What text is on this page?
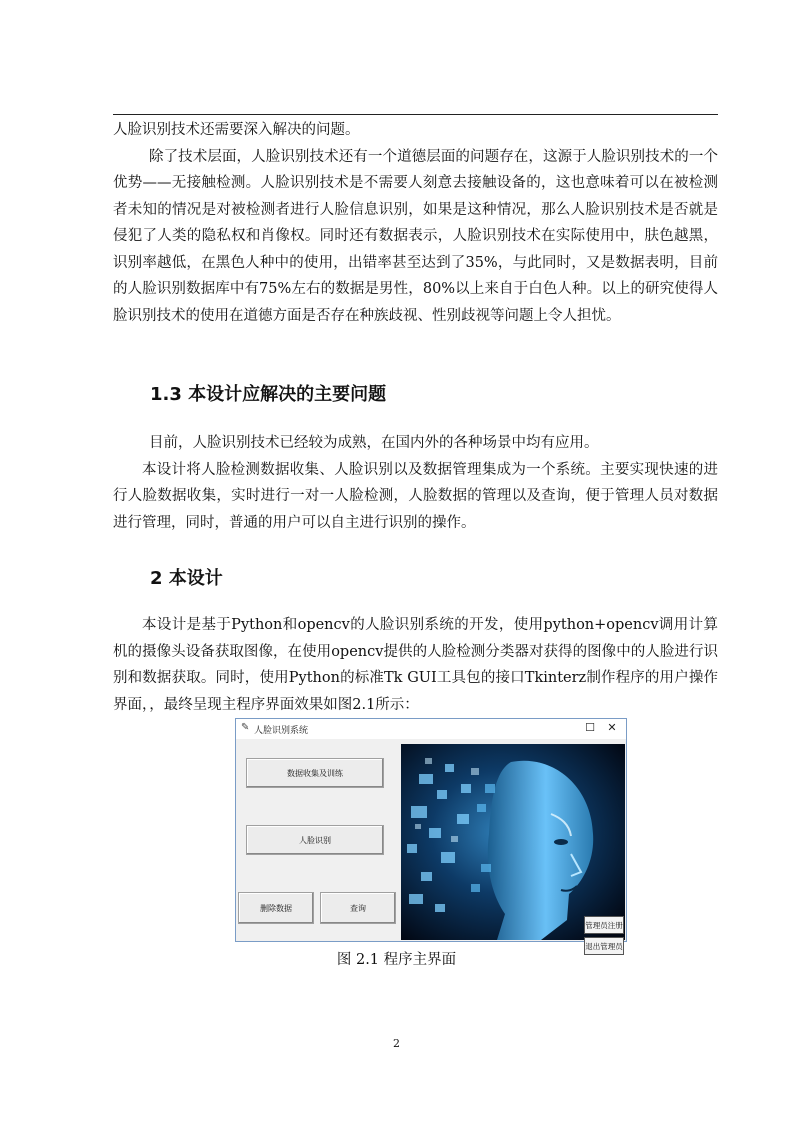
人脸识别技术还需要深入解决的问题。

除了技术层面，人脸识别技术还有一个道德层面的问题存在，这源于人脸识别技术的一个优势——无接触检测。人脸识别技术是不需要人刻意去接触设备的，这也意味着可以在被检测者未知的情况是对被检测者进行人脸信息识别，如果是这种情况，那么人脸识别技术是否就是侵犯了人类的隐私权和肖像权。同时还有数据表示，人脸识别技术在实际使用中，肤色越黑，识别率越低，在黑色人种中的使用，出错率甚至达到了35%，与此同时，又是数据表明，目前的人脸识别数据库中有75%左右的数据是男性，80%以上来自于白色人种。以上的研究使得人脸识别技术的使用在道德方面是否存在种族歧视、性别歧视等问题上令人担忧。

1.3 本设计应解决的主要问题

目前，人脸识别技术已经较为成熟，在国内外的各种场景中均有应用。

本设计将人脸检测数据收集、人脸识别以及数据管理集成为一个系统。主要实现快速的进行人脸数据收集，实时进行一对一人脸检测，人脸数据的管理以及查询，便于管理人员对数据进行管理，同时，普通的用户可以自主进行识别的操作。

2 本设计

本设计是基于Python和opencv的人脸识别系统的开发，使用python+opencv调用计算机的摄像头设备获取图像，在使用opencv提供的人脸检测分类器对获得的图像中的人脸进行识别和数据获取。同时，使用Python的标准Tk GUI工具包的接口Tkinterz制作程序的用户操作界面，，最终呈现主程序界面效果如图2.1所示：

✎ 人脸识别系统	☐	✕
数据收集及训练
人脸识别
删除数据	查询
管理员注册
退出管理员
图 2.1 程序主界面
2
